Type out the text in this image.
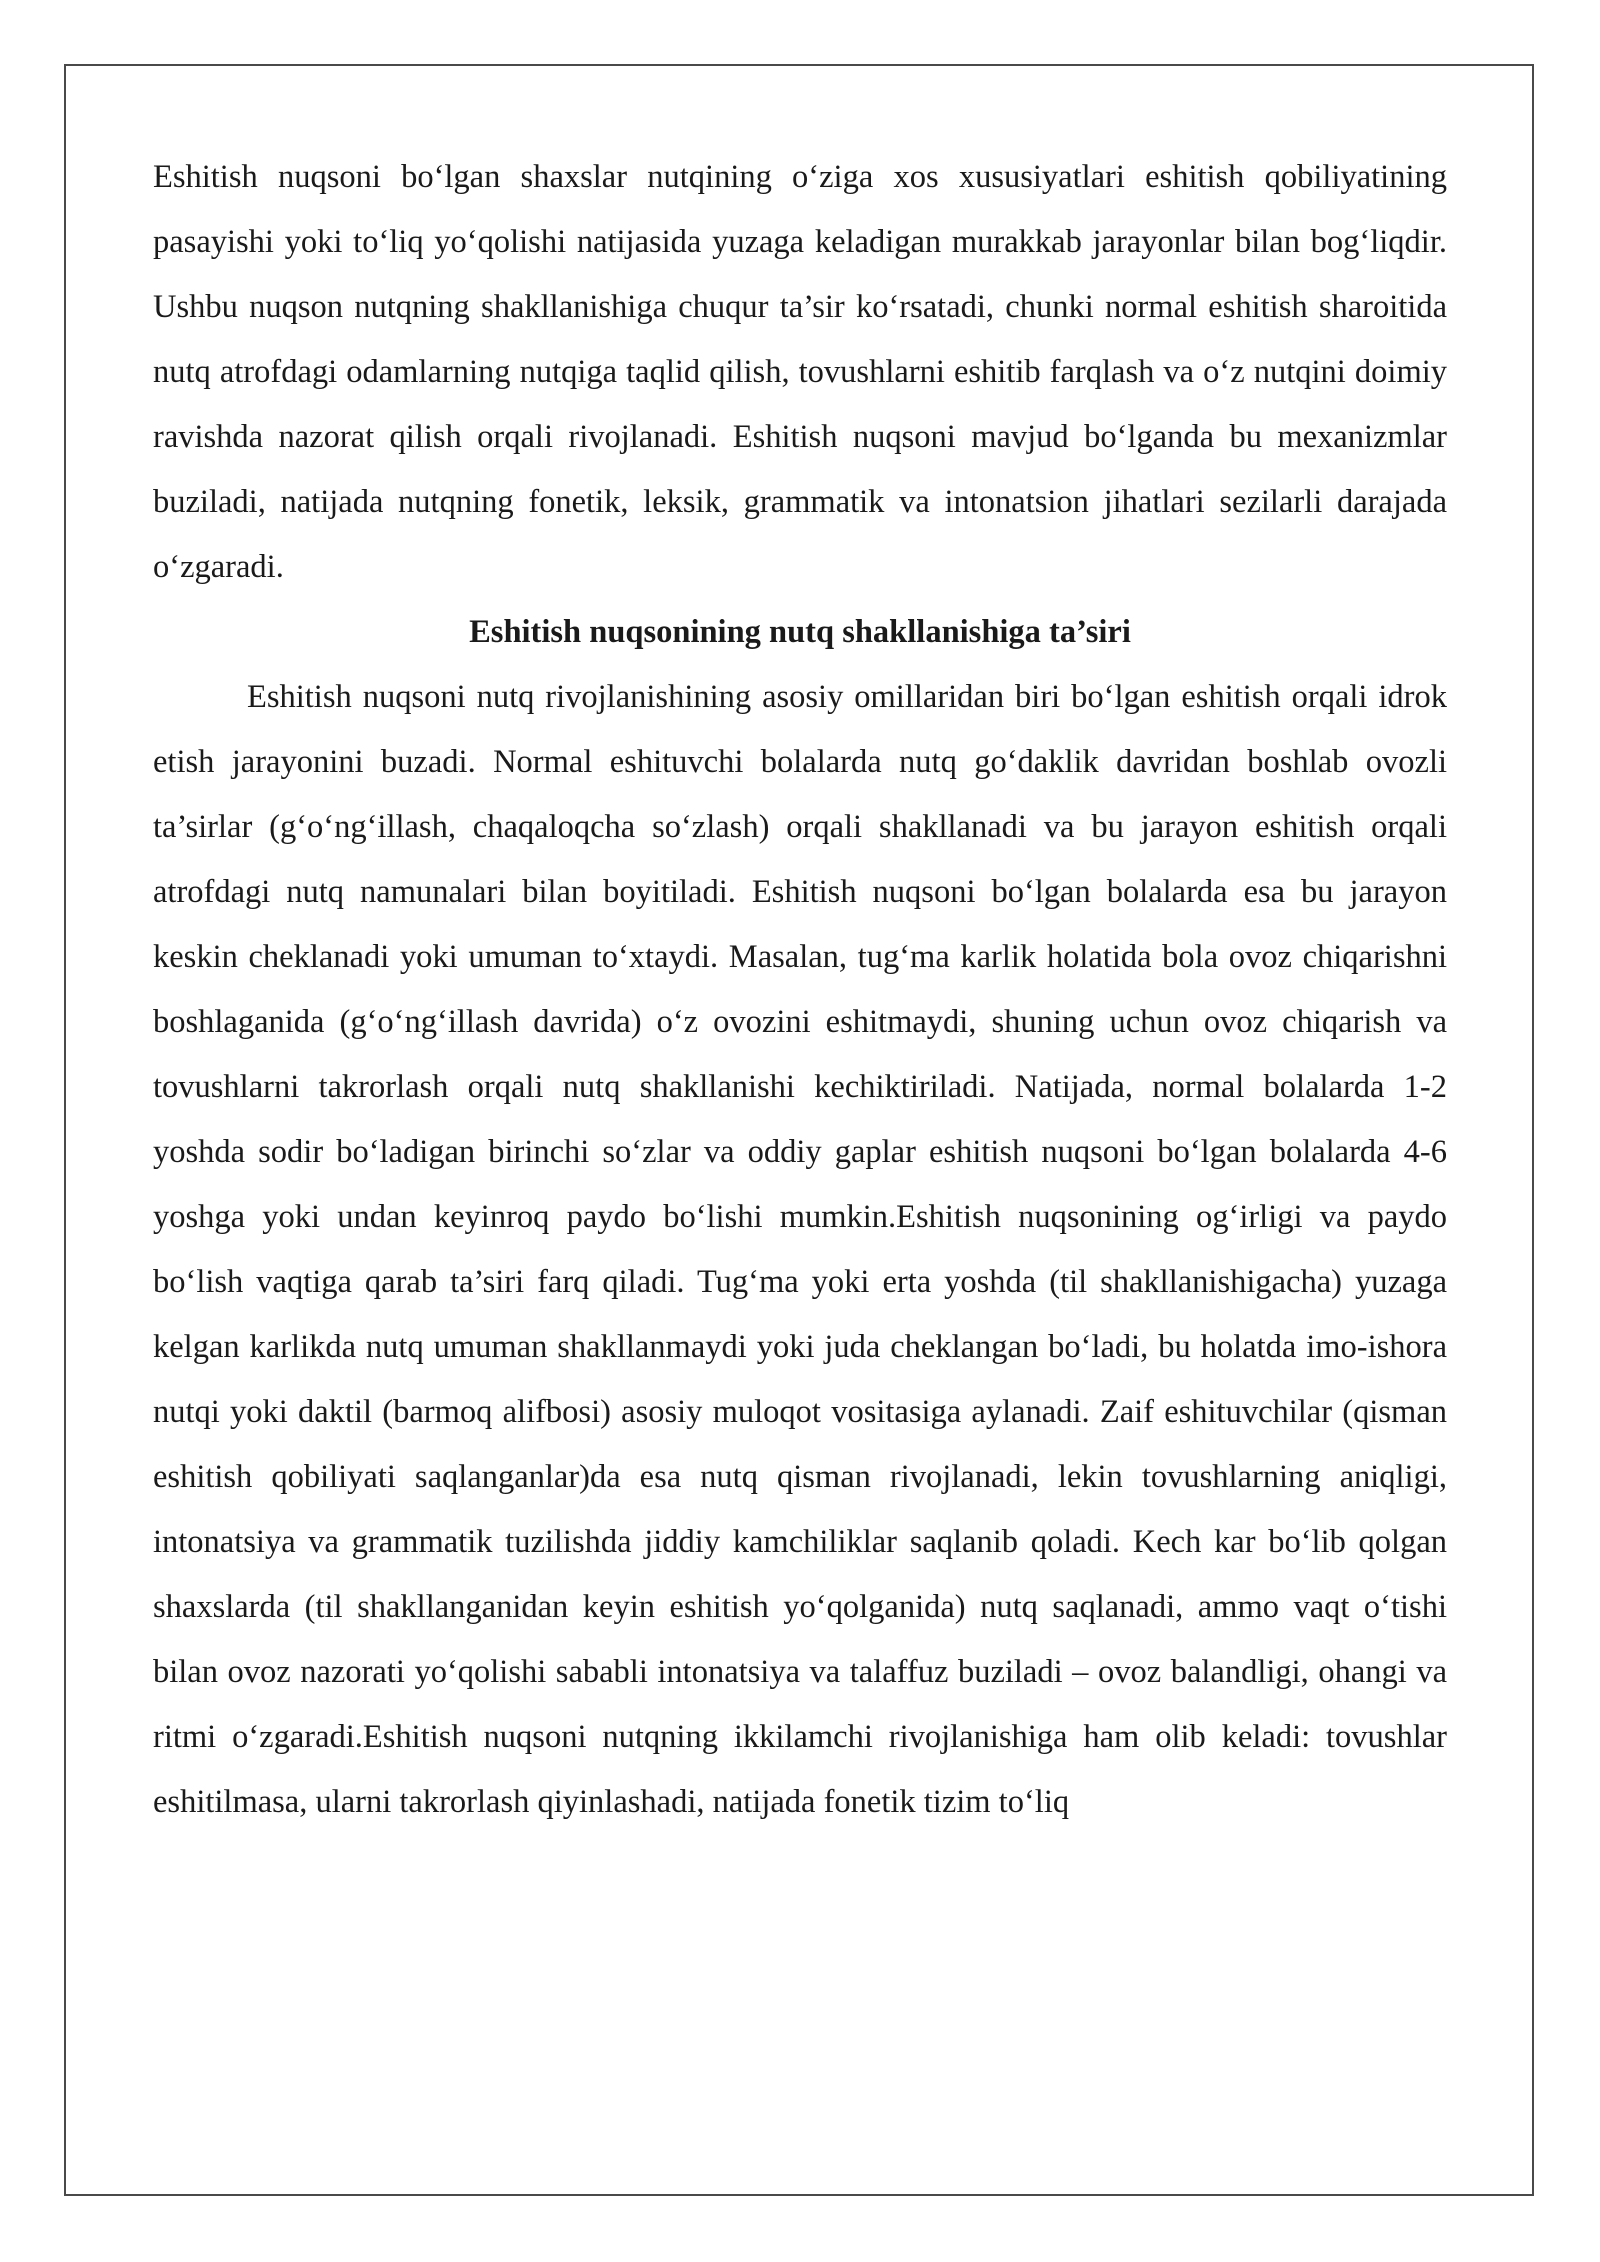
Eshitish nuqsoni bo‘lgan shaxslar nutqining o‘ziga xos xususiyatlari eshitish qobiliyatining pasayishi yoki to‘liq yo‘qolishi natijasida yuzaga keladigan murakkab jarayonlar bilan bog‘liqdir. Ushbu nuqson nutqning shakllanishiga chuqur ta’sir ko‘rsatadi, chunki normal eshitish sharoitida nutq atrofdagi odamlarning nutqiga taqlid qilish, tovushlarni eshitib farqlash va o‘z nutqini doimiy ravishda nazorat qilish orqali rivojlanadi. Eshitish nuqsoni mavjud bo‘lganda bu mexanizmlar buziladi, natijada nutqning fonetik, leksik, grammatik va intonatsion jihatlari sezilarli darajada o‘zgaradi.

Eshitish nuqsonining nutq shakllanishiga ta’siri

Eshitish nuqsoni nutq rivojlanishining asosiy omillaridan biri bo‘lgan eshitish orqali idrok etish jarayonini buzadi. Normal eshituvchi bolalarda nutq go‘daklik davridan boshlab ovozli ta’sirlar (g‘o‘ng‘illash, chaqaloqcha so‘zlash) orqali shakllanadi va bu jarayon eshitish orqali atrofdagi nutq namunalari bilan boyitiladi. Eshitish nuqsoni bo‘lgan bolalarda esa bu jarayon keskin cheklanadi yoki umuman to‘xtaydi. Masalan, tug‘ma karlik holatida bola ovoz chiqarishni boshlaganida (g‘o‘ng‘illash davrida) o‘z ovozini eshitmaydi, shuning uchun ovoz chiqarish va tovushlarni takrorlash orqali nutq shakllanishi kechiktiriladi. Natijada, normal bolalarda 1-2 yoshda sodir bo‘ladigan birinchi so‘zlar va oddiy gaplar eshitish nuqsoni bo‘lgan bolalarda 4-6 yoshga yoki undan keyinroq paydo bo‘lishi mumkin.Eshitish nuqsonining og‘irligi va paydo bo‘lish vaqtiga qarab ta’siri farq qiladi. Tug‘ma yoki erta yoshda (til shakllanishigacha) yuzaga kelgan karlikda nutq umuman shakllanmaydi yoki juda cheklangan bo‘ladi, bu holatda imo-ishora nutqi yoki daktil (barmoq alifbosi) asosiy muloqot vositasiga aylanadi. Zaif eshituvchilar (qisman eshitish qobiliyati saqlanganlar)da esa nutq qisman rivojlanadi, lekin tovushlarning aniqligi, intonatsiya va grammatik tuzilishda jiddiy kamchiliklar saqlanib qoladi. Kech kar bo‘lib qolgan shaxslarda (til shakllanganidan keyin eshitish yo‘qolganida) nutq saqlanadi, ammo vaqt o‘tishi bilan ovoz nazorati yo‘qolishi sababli intonatsiya va talaffuz buziladi – ovoz balandligi, ohangi va ritmi o‘zgaradi.Eshitish nuqsoni nutqning ikkilamchi rivojlanishiga ham olib keladi: tovushlar eshitilmasa, ularni takrorlash qiyinlashadi, natijada fonetik tizim to‘liq
